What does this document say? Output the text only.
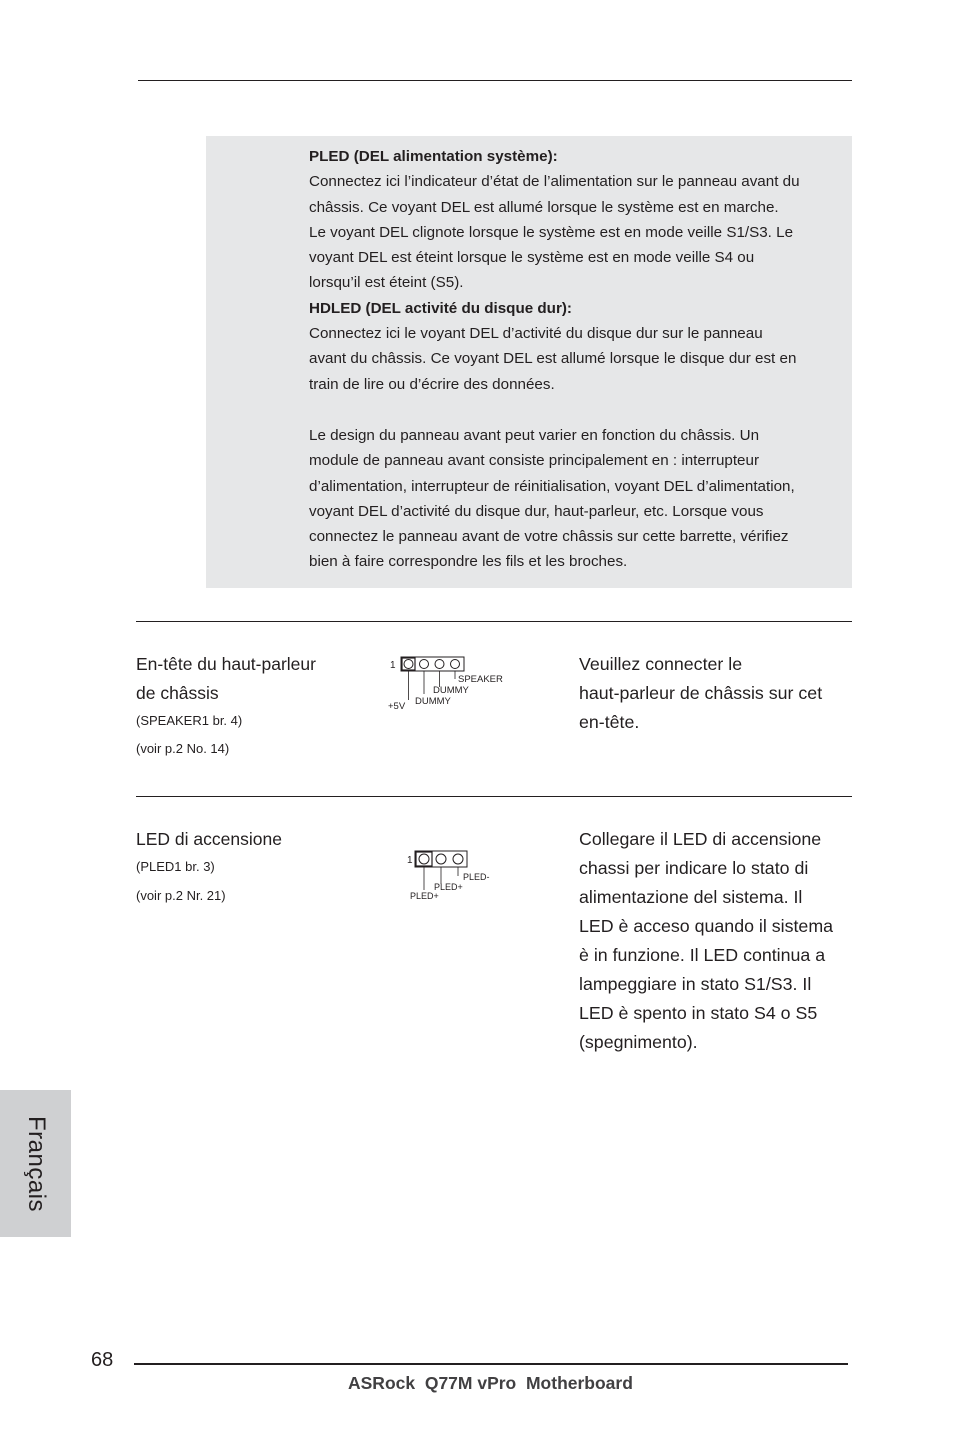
PLED (DEL alimentation système):
Connectez ici l’indicateur d’état de l’alimentation sur le panneau avant du
châssis. Ce voyant DEL est allumé lorsque le système est en marche.
Le voyant DEL clignote lorsque le système est en mode veille S1/S3. Le
voyant DEL est éteint lorsque le système est en mode veille S4 ou
lorsqu’il est éteint (S5).
HDLED (DEL activité du disque dur):
Connectez ici le voyant DEL d’activité du disque dur sur le panneau
avant du châssis. Ce voyant DEL est allumé lorsque le disque dur est en
train de lire ou d’écrire des données.
Le design du panneau avant peut varier en fonction du châssis. Un
module de panneau avant consiste principalement en : interrupteur
d’alimentation, interrupteur de réinitialisation, voyant DEL d’alimentation,
voyant DEL d’activité du disque dur, haut-parleur, etc. Lorsque vous
connectez le panneau avant de votre châssis sur cette barrette, vérifiez
bien à faire correspondre les fils et les broches.
En-tête du haut-parleur
de châssis
(SPEAKER1 br. 4)
(voir p.2 No. 14)
1
SPEAKER
DUMMY
+5V DUMMY
Veuillez connecter le
haut-parleur de châssis sur cet
en-tête.
LED di accensione
(PLED1 br. 3)
(voir p.2 Nr. 21)
1
PLED-
PLED+
PLED+
Collegare il LED di accensione
chassi per indicare lo stato di
alimentazione del sistema. Il
LED è acceso quando il sistema
è in funzione. Il LED continua a
lampeggiare in stato S1/S3. Il
LED è spento in stato S4 o S5
(spegnimento).
Français
68
ASRock  Q77M vPro  Motherboard
